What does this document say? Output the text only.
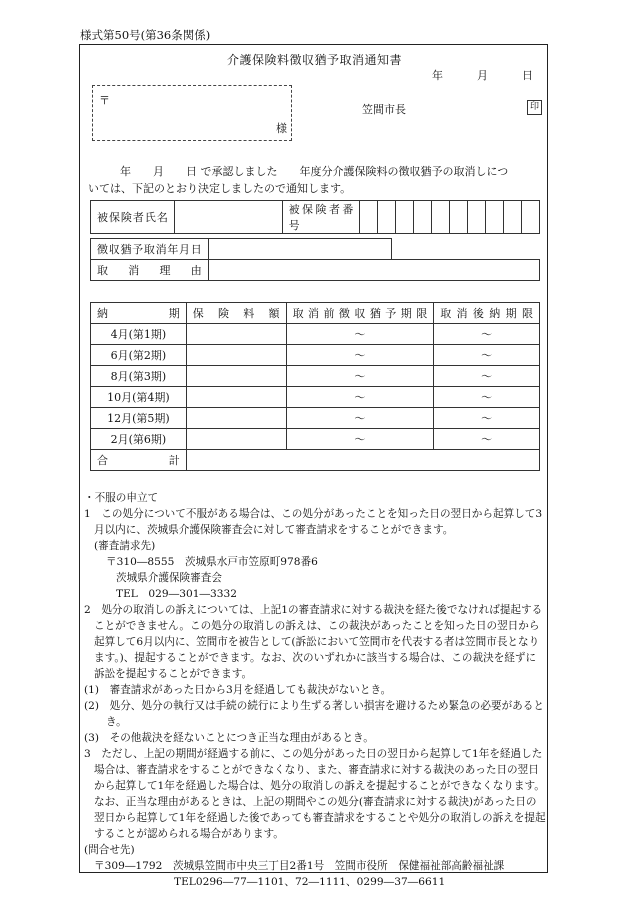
様式第50号(第36条関係)
介護保険料徴収猶予取消通知書
年	月	日
〒
様
笠間市長	印
年　　月　　日 で承認しました　　年度分介護保険料の徴収猶予の取消しにつ
いては、下記のとおり決定しましたので通知します。
被保険者氏名		被保険者番号										
徴収猶予取消年月日		
取消理由		
納期	保険料額	取消前徴収猶予期限	取消後納期限
4月(第1期)		～	～
6月(第2期)		～	～
8月(第3期)		～	～
10月(第4期)		～	～
12月(第5期)		～	～
2月(第6期)		～	～
合計			

・不服の申立て

1　この処分について不服がある場合は、この処分があったことを知った日の翌日から起算して3月以内に、茨城県介護保険審査会に対して審査請求をすることができます。

(審査請求先)

〒310―8555　茨城県水戸市笠原町978番6

茨城県介護保険審査会

TEL　029―301―3332

2　処分の取消しの訴えについては、上記1の審査請求に対する裁決を経た後でなければ提起することができません。この処分の取消しの訴えは、この裁決があったことを知った日の翌日から起算して6月以内に、笠間市を被告として(訴訟において笠間市を代表する者は笠間市長となります。)、提起することができます。なお、次のいずれかに該当する場合は、この裁決を経ずに訴訟を提起することができます。

(1)　審査請求があった日から3月を経過しても裁決がないとき。

(2)　処分、処分の執行又は手続の続行により生ずる著しい損害を避けるため緊急の必要があるとき。

(3)　その他裁決を経ないことにつき正当な理由があるとき。

3　ただし、上記の期間が経過する前に、この処分があった日の翌日から起算して1年を経過した場合は、審査請求をすることができなくなり、また、審査請求に対する裁決のあった日の翌日から起算して1年を経過した場合は、処分の取消しの訴えを提起することができなくなります。なお、正当な理由があるときは、上記の期間やこの処分(審査請求に対する裁決)があった日の翌日から起算して1年を経過した後であっても審査請求をすることや処分の取消しの訴えを提起することが認められる場合があります。

(問合せ先)

〒309―1792　茨城県笠間市中央三丁目2番1号　笠間市役所　保健福祉部高齢福祉課

TEL0296―77―1101、72―1111、0299―37―6611
